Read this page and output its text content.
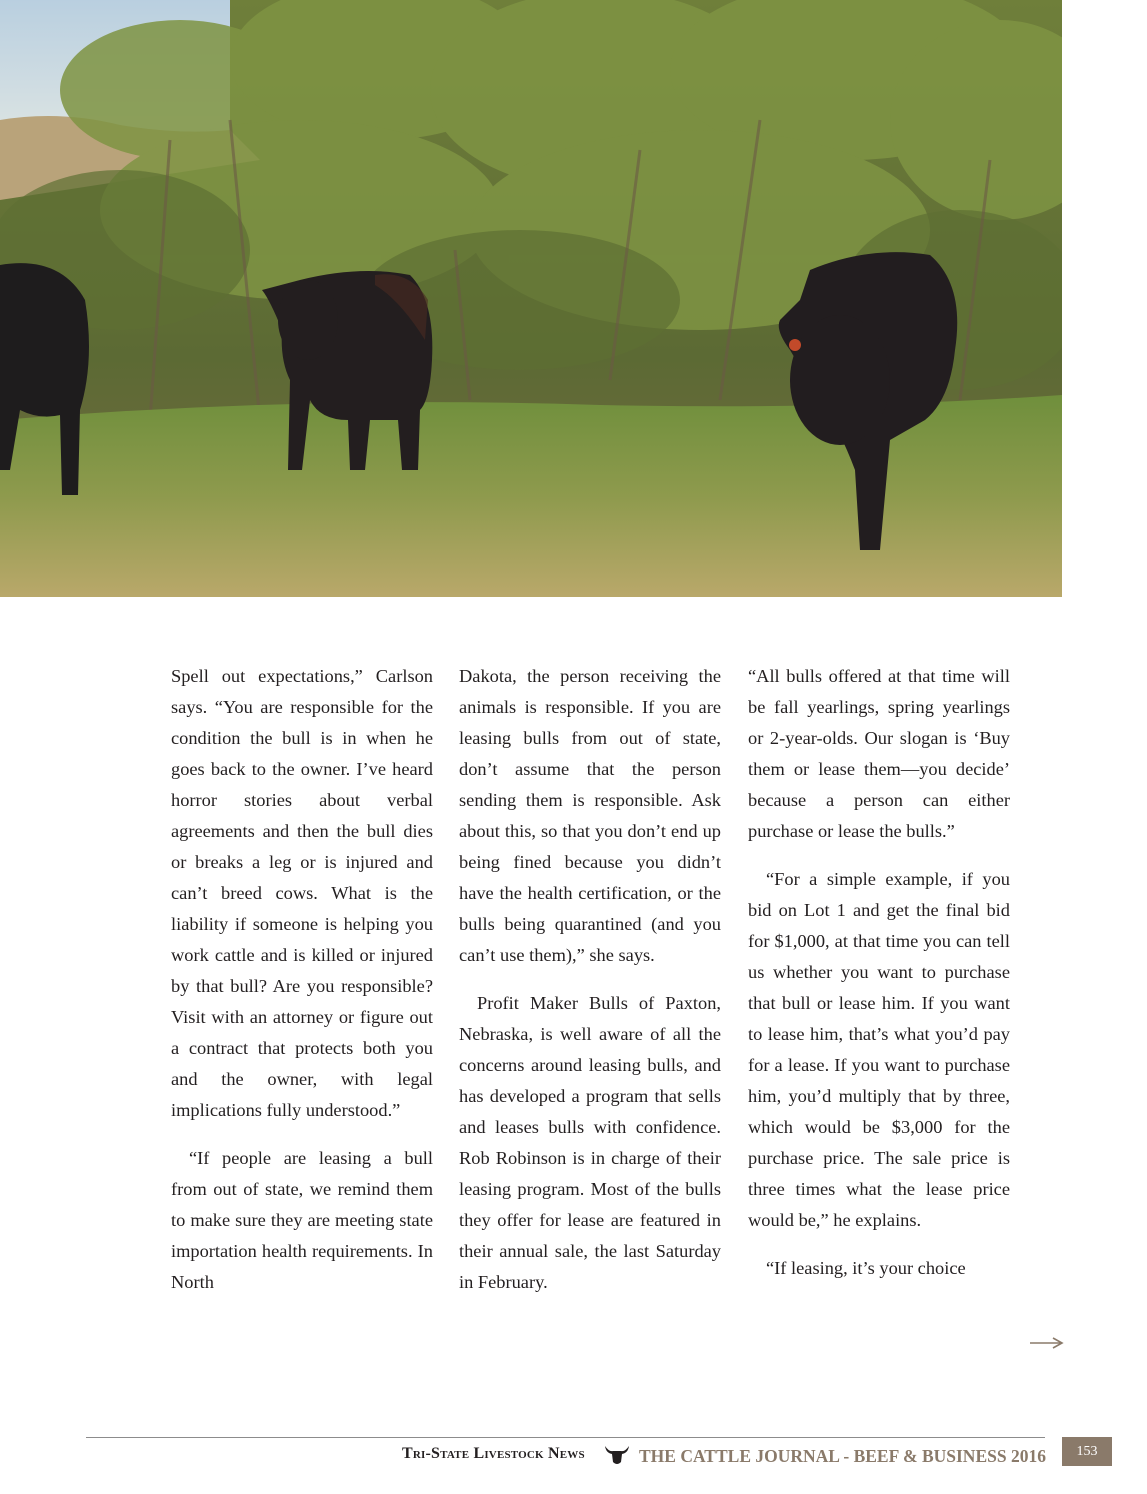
Spell out expectations,” Carlson says. “You are responsible for the condition the bull is in when he goes back to the owner. I’ve heard horror stories about verbal agreements and then the bull dies or breaks a leg or is injured and can’t breed cows. What is the liability if someone is helping you work cattle and is killed or injured by that bull? Are you responsible? Visit with an attorney or figure out a contract that protects both you and the owner, with legal implications fully understood.”

“If people are leasing a bull from out of state, we remind them to make sure they are meeting state importation health requirements. In North

Dakota, the person receiving the animals is responsible. If you are leasing bulls from out of state, don’t assume that the person sending them is responsible. Ask about this, so that you don’t end up being fined because you didn’t have the health certification, or the bulls being quarantined (and you can’t use them),” she says.

Profit Maker Bulls of Paxton, Nebraska, is well aware of all the concerns around leasing bulls, and has developed a program that sells and leases bulls with confidence. Rob Robinson is in charge of their leasing program. Most of the bulls they offer for lease are featured in their annual sale, the last Saturday in February.

“All bulls offered at that time will be fall yearlings, spring yearlings or 2-year-olds. Our slogan is ‘Buy them or lease them—you decide’ because a person can either purchase or lease the bulls.”

“For a simple example, if you bid on Lot 1 and get the final bid for $1,000, at that time you can tell us whether you want to purchase that bull or lease him. If you want to lease him, that’s what you’d pay for a lease. If you want to purchase him, you’d multiply that by three, which would be $3,000 for the purchase price. The sale price is three times what the lease price would be,” he explains.

“If leasing, it’s your choice

Tri-State Livestock News	THE CATTLE JOURNAL - BEEF & BUSINESS 2016	153
